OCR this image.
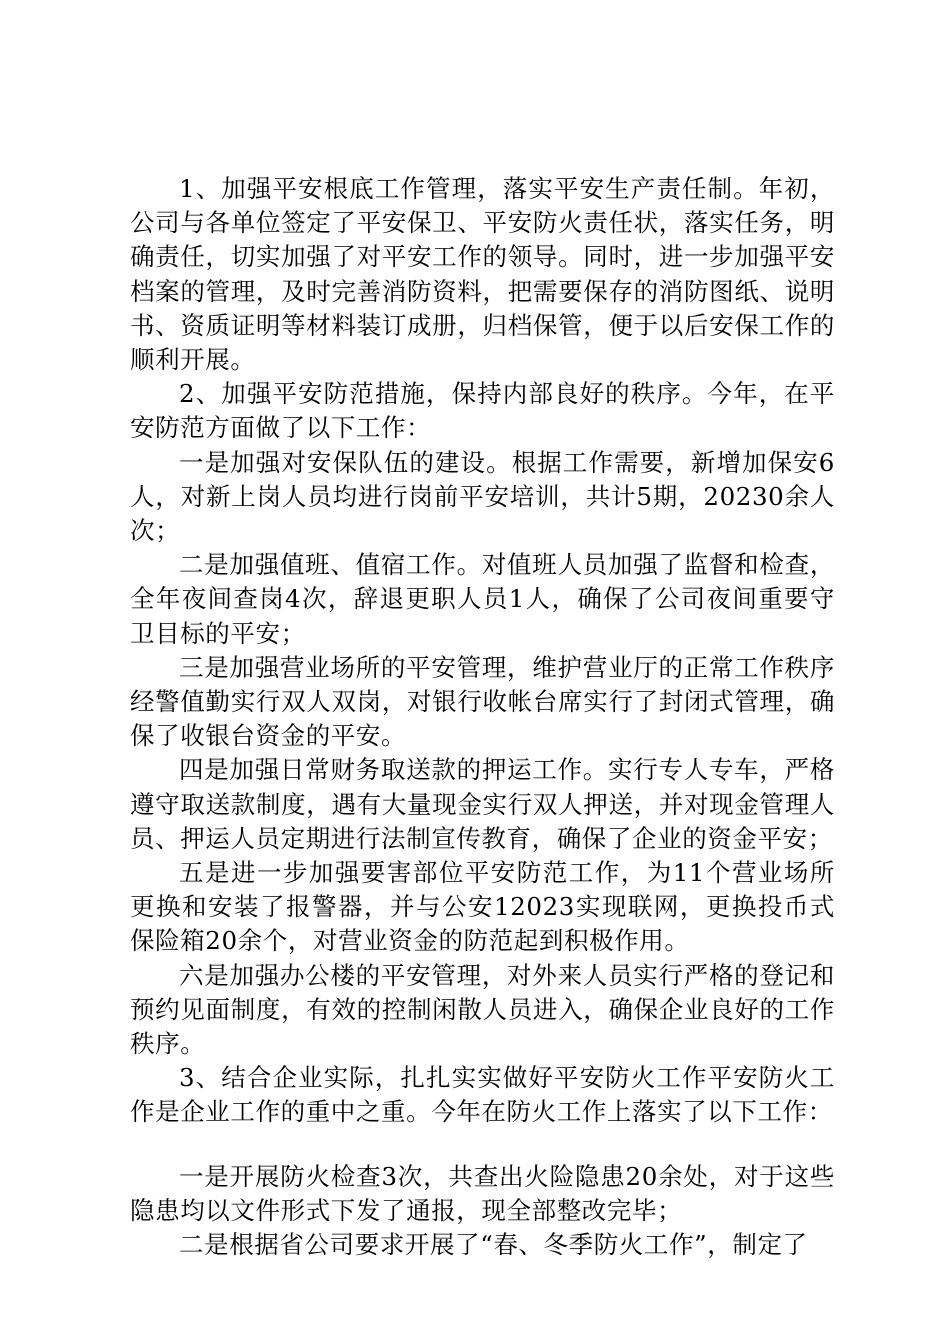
1、加强平安根底工作管理，落实平安生产责任制。年初，公司与各单位签定了平安保卫、平安防火责任状，落实任务，明确责任，切实加强了对平安工作的领导。同时，进一步加强平安档案的管理，及时完善消防资料，把需要保存的消防图纸、说明书、资质证明等材料装订成册，归档保管，便于以后安保工作的顺利开展。

2、加强平安防范措施，保持内部良好的秩序。今年，在平安防范方面做了以下工作：

一是加强对安保队伍的建设。根据工作需要，新增加保安6人，对新上岗人员均进行岗前平安培训，共计5期，20230余人次；

二是加强值班、值宿工作。对值班人员加强了监督和检查，全年夜间查岗4次，辞退更职人员1人，确保了公司夜间重要守卫目标的平安；

三是加强营业场所的平安管理，维护营业厅的正常工作秩序经警值勤实行双人双岗，对银行收帐台席实行了封闭式管理，确保了收银台资金的平安。

四是加强日常财务取送款的押运工作。实行专人专车，严格遵守取送款制度，遇有大量现金实行双人押送，并对现金管理人员、押运人员定期进行法制宣传教育，确保了企业的资金平安；

五是进一步加强要害部位平安防范工作，为11个营业场所更换和安装了报警器，并与公安12023实现联网，更换投币式保险箱20余个，对营业资金的防范起到积极作用。

六是加强办公楼的平安管理，对外来人员实行严格的登记和预约见面制度，有效的控制闲散人员进入，确保企业良好的工作秩序。

3、结合企业实际，扎扎实实做好平安防火工作平安防火工作是企业工作的重中之重。今年在防火工作上落实了以下工作：

一是开展防火检查3次，共查出火险隐患20余处，对于这些隐患均以文件形式下发了通报，现全部整改完毕；

二是根据省公司要求开展了“春、冬季防火工作”，制定了
